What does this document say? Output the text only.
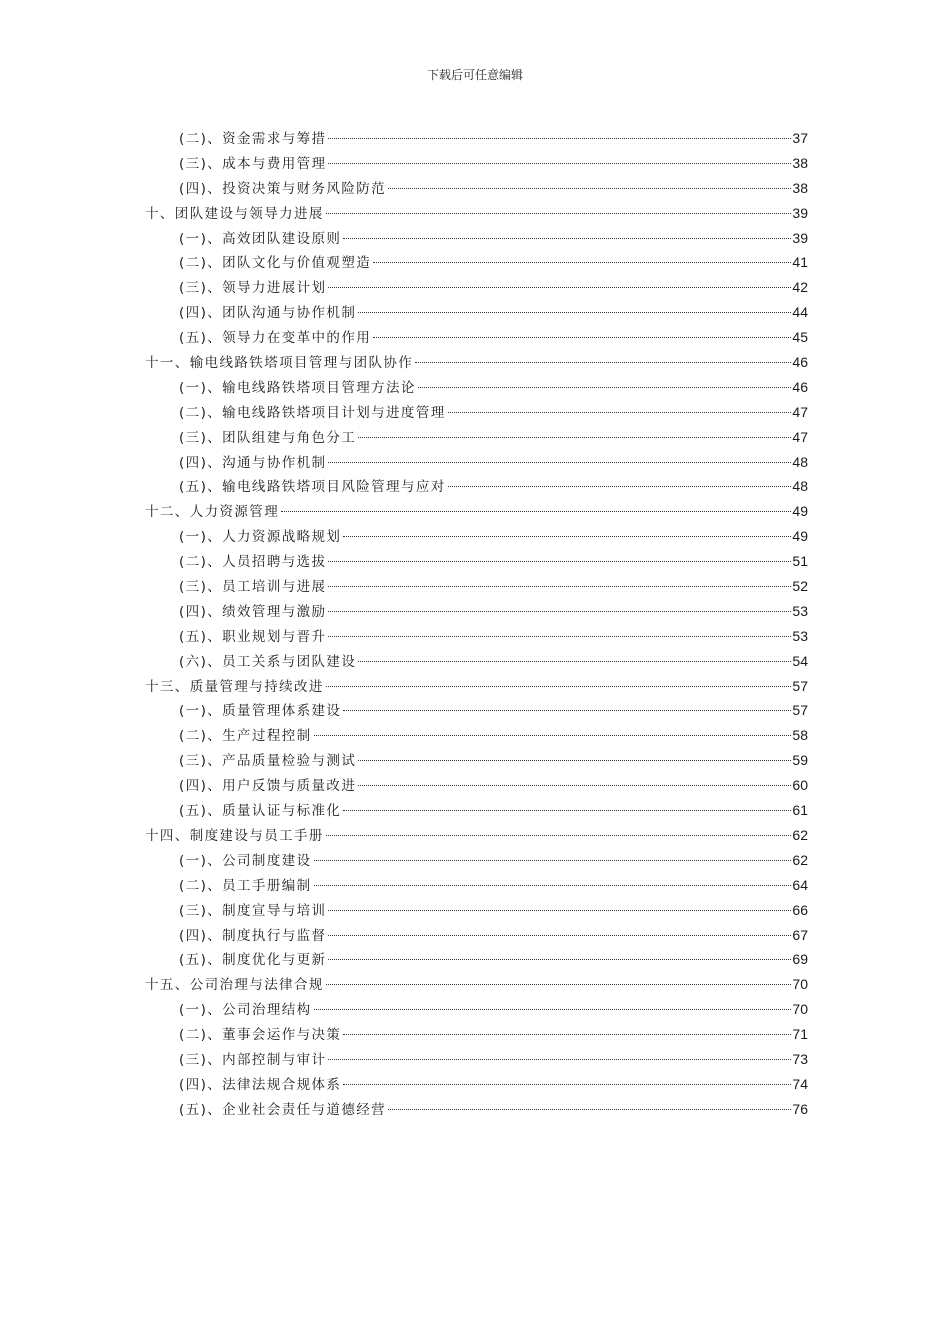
下载后可任意编辑
(二)、资金需求与筹措	37
(三)、成本与费用管理	38
(四)、投资决策与财务风险防范	38
十、团队建设与领导力进展	39
(一)、高效团队建设原则	39
(二)、团队文化与价值观塑造	41
(三)、领导力进展计划	42
(四)、团队沟通与协作机制	44
(五)、领导力在变革中的作用	45
十一、输电线路铁塔项目管理与团队协作	46
(一)、输电线路铁塔项目管理方法论	46
(二)、输电线路铁塔项目计划与进度管理	47
(三)、团队组建与角色分工	47
(四)、沟通与协作机制	48
(五)、输电线路铁塔项目风险管理与应对	48
十二、人力资源管理	49
(一)、人力资源战略规划	49
(二)、人员招聘与选拔	51
(三)、员工培训与进展	52
(四)、绩效管理与激励	53
(五)、职业规划与晋升	53
(六)、员工关系与团队建设	54
十三、质量管理与持续改进	57
(一)、质量管理体系建设	57
(二)、生产过程控制	58
(三)、产品质量检验与测试	59
(四)、用户反馈与质量改进	60
(五)、质量认证与标准化	61
十四、制度建设与员工手册	62
(一)、公司制度建设	62
(二)、员工手册编制	64
(三)、制度宣导与培训	66
(四)、制度执行与监督	67
(五)、制度优化与更新	69
十五、公司治理与法律合规	70
(一)、公司治理结构	70
(二)、董事会运作与决策	71
(三)、内部控制与审计	73
(四)、法律法规合规体系	74
(五)、企业社会责任与道德经营	76
